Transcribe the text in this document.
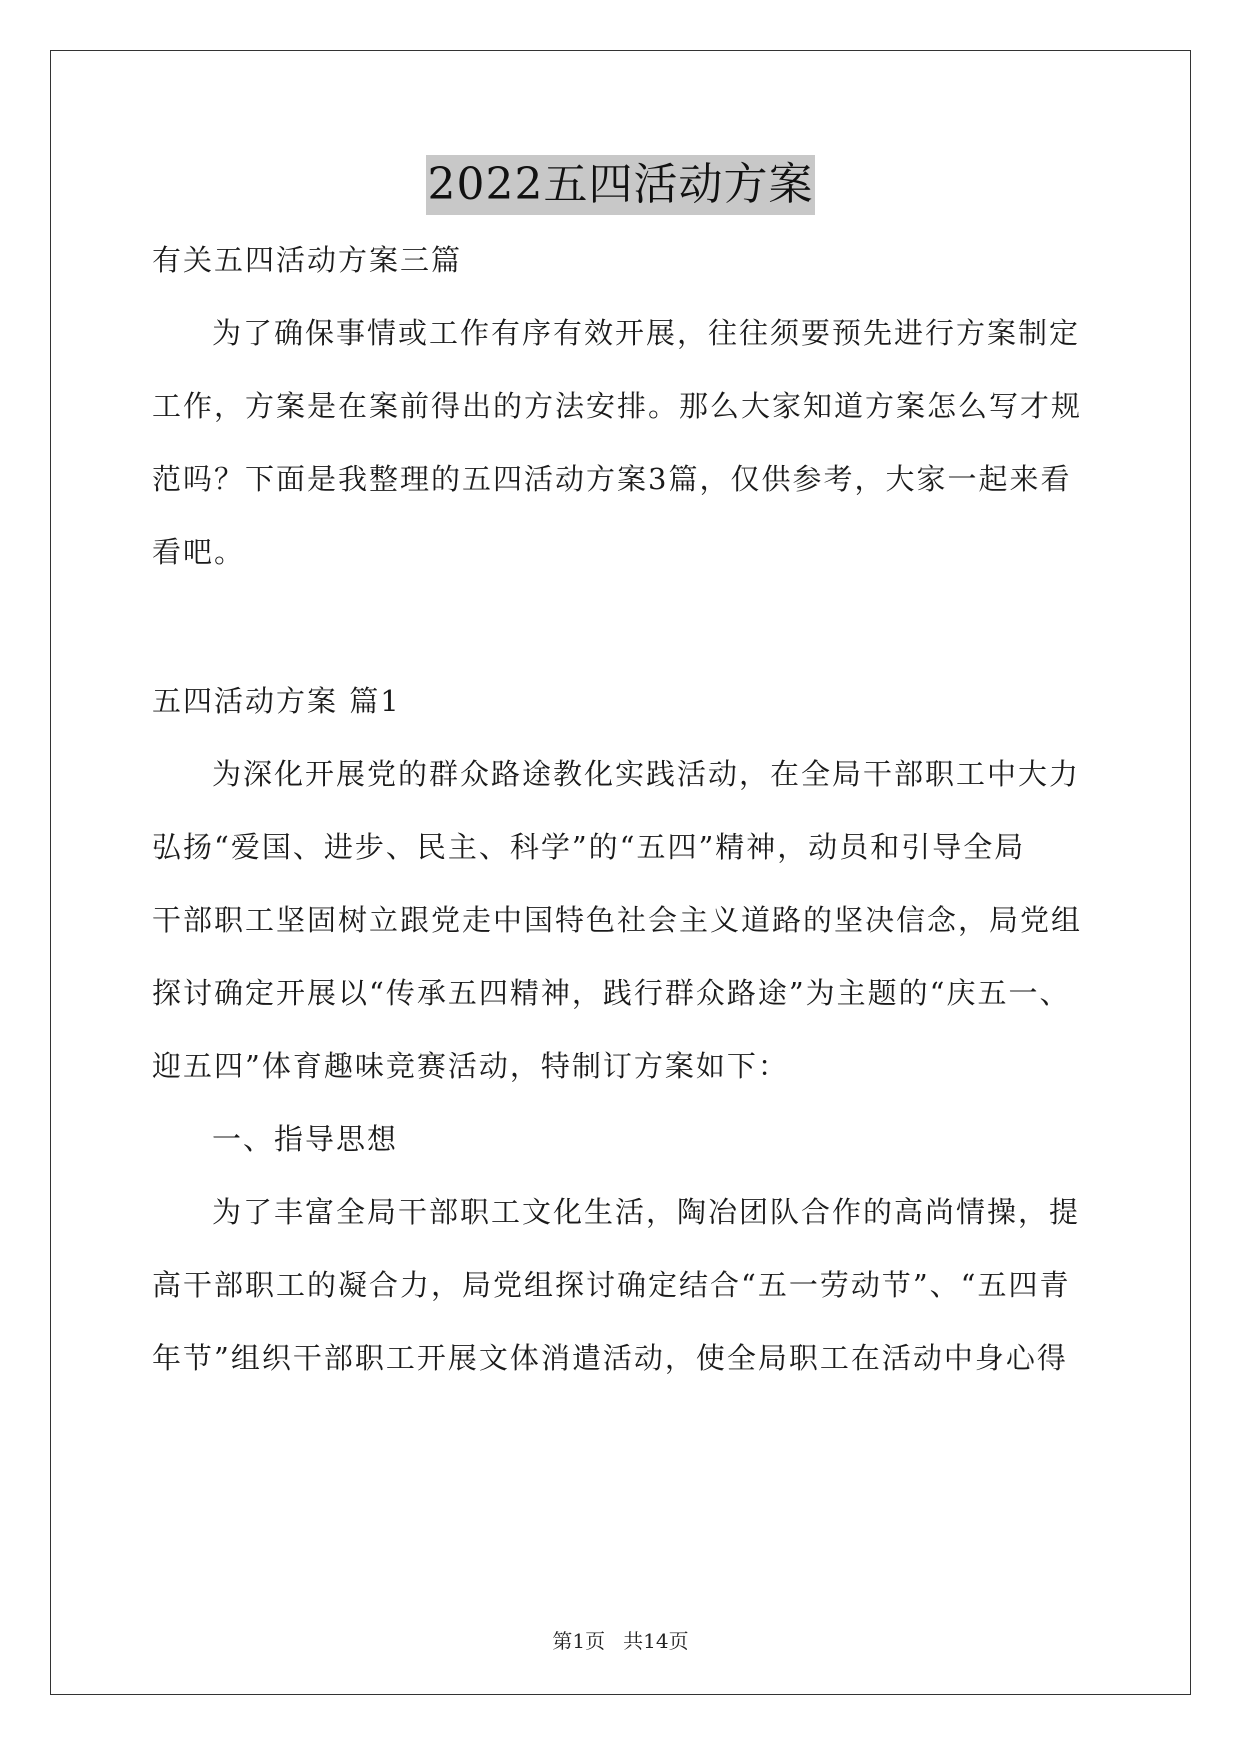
2022五四活动方案
有关五四活动方案三篇
为了确保事情或工作有序有效开展，往往须要预先进行方案制定
工作，方案是在案前得出的方法安排。那么大家知道方案怎么写才规
范吗？下面是我整理的五四活动方案3篇，仅供参考，大家一起来看
看吧。
五四活动方案 篇1
为深化开展党的群众路途教化实践活动，在全局干部职工中大力
弘扬“爱国、进步、民主、科学”的“五四”精神，动员和引导全局
干部职工坚固树立跟党走中国特色社会主义道路的坚决信念，局党组
探讨确定开展以“传承五四精神，践行群众路途”为主题的“庆五一、
迎五四”体育趣味竞赛活动，特制订方案如下：
一、指导思想
为了丰富全局干部职工文化生活，陶冶团队合作的高尚情操，提
高干部职工的凝合力，局党组探讨确定结合“五一劳动节”、“五四青
年节”组织干部职工开展文体消遣活动，使全局职工在活动中身心得
第1页 共14页
